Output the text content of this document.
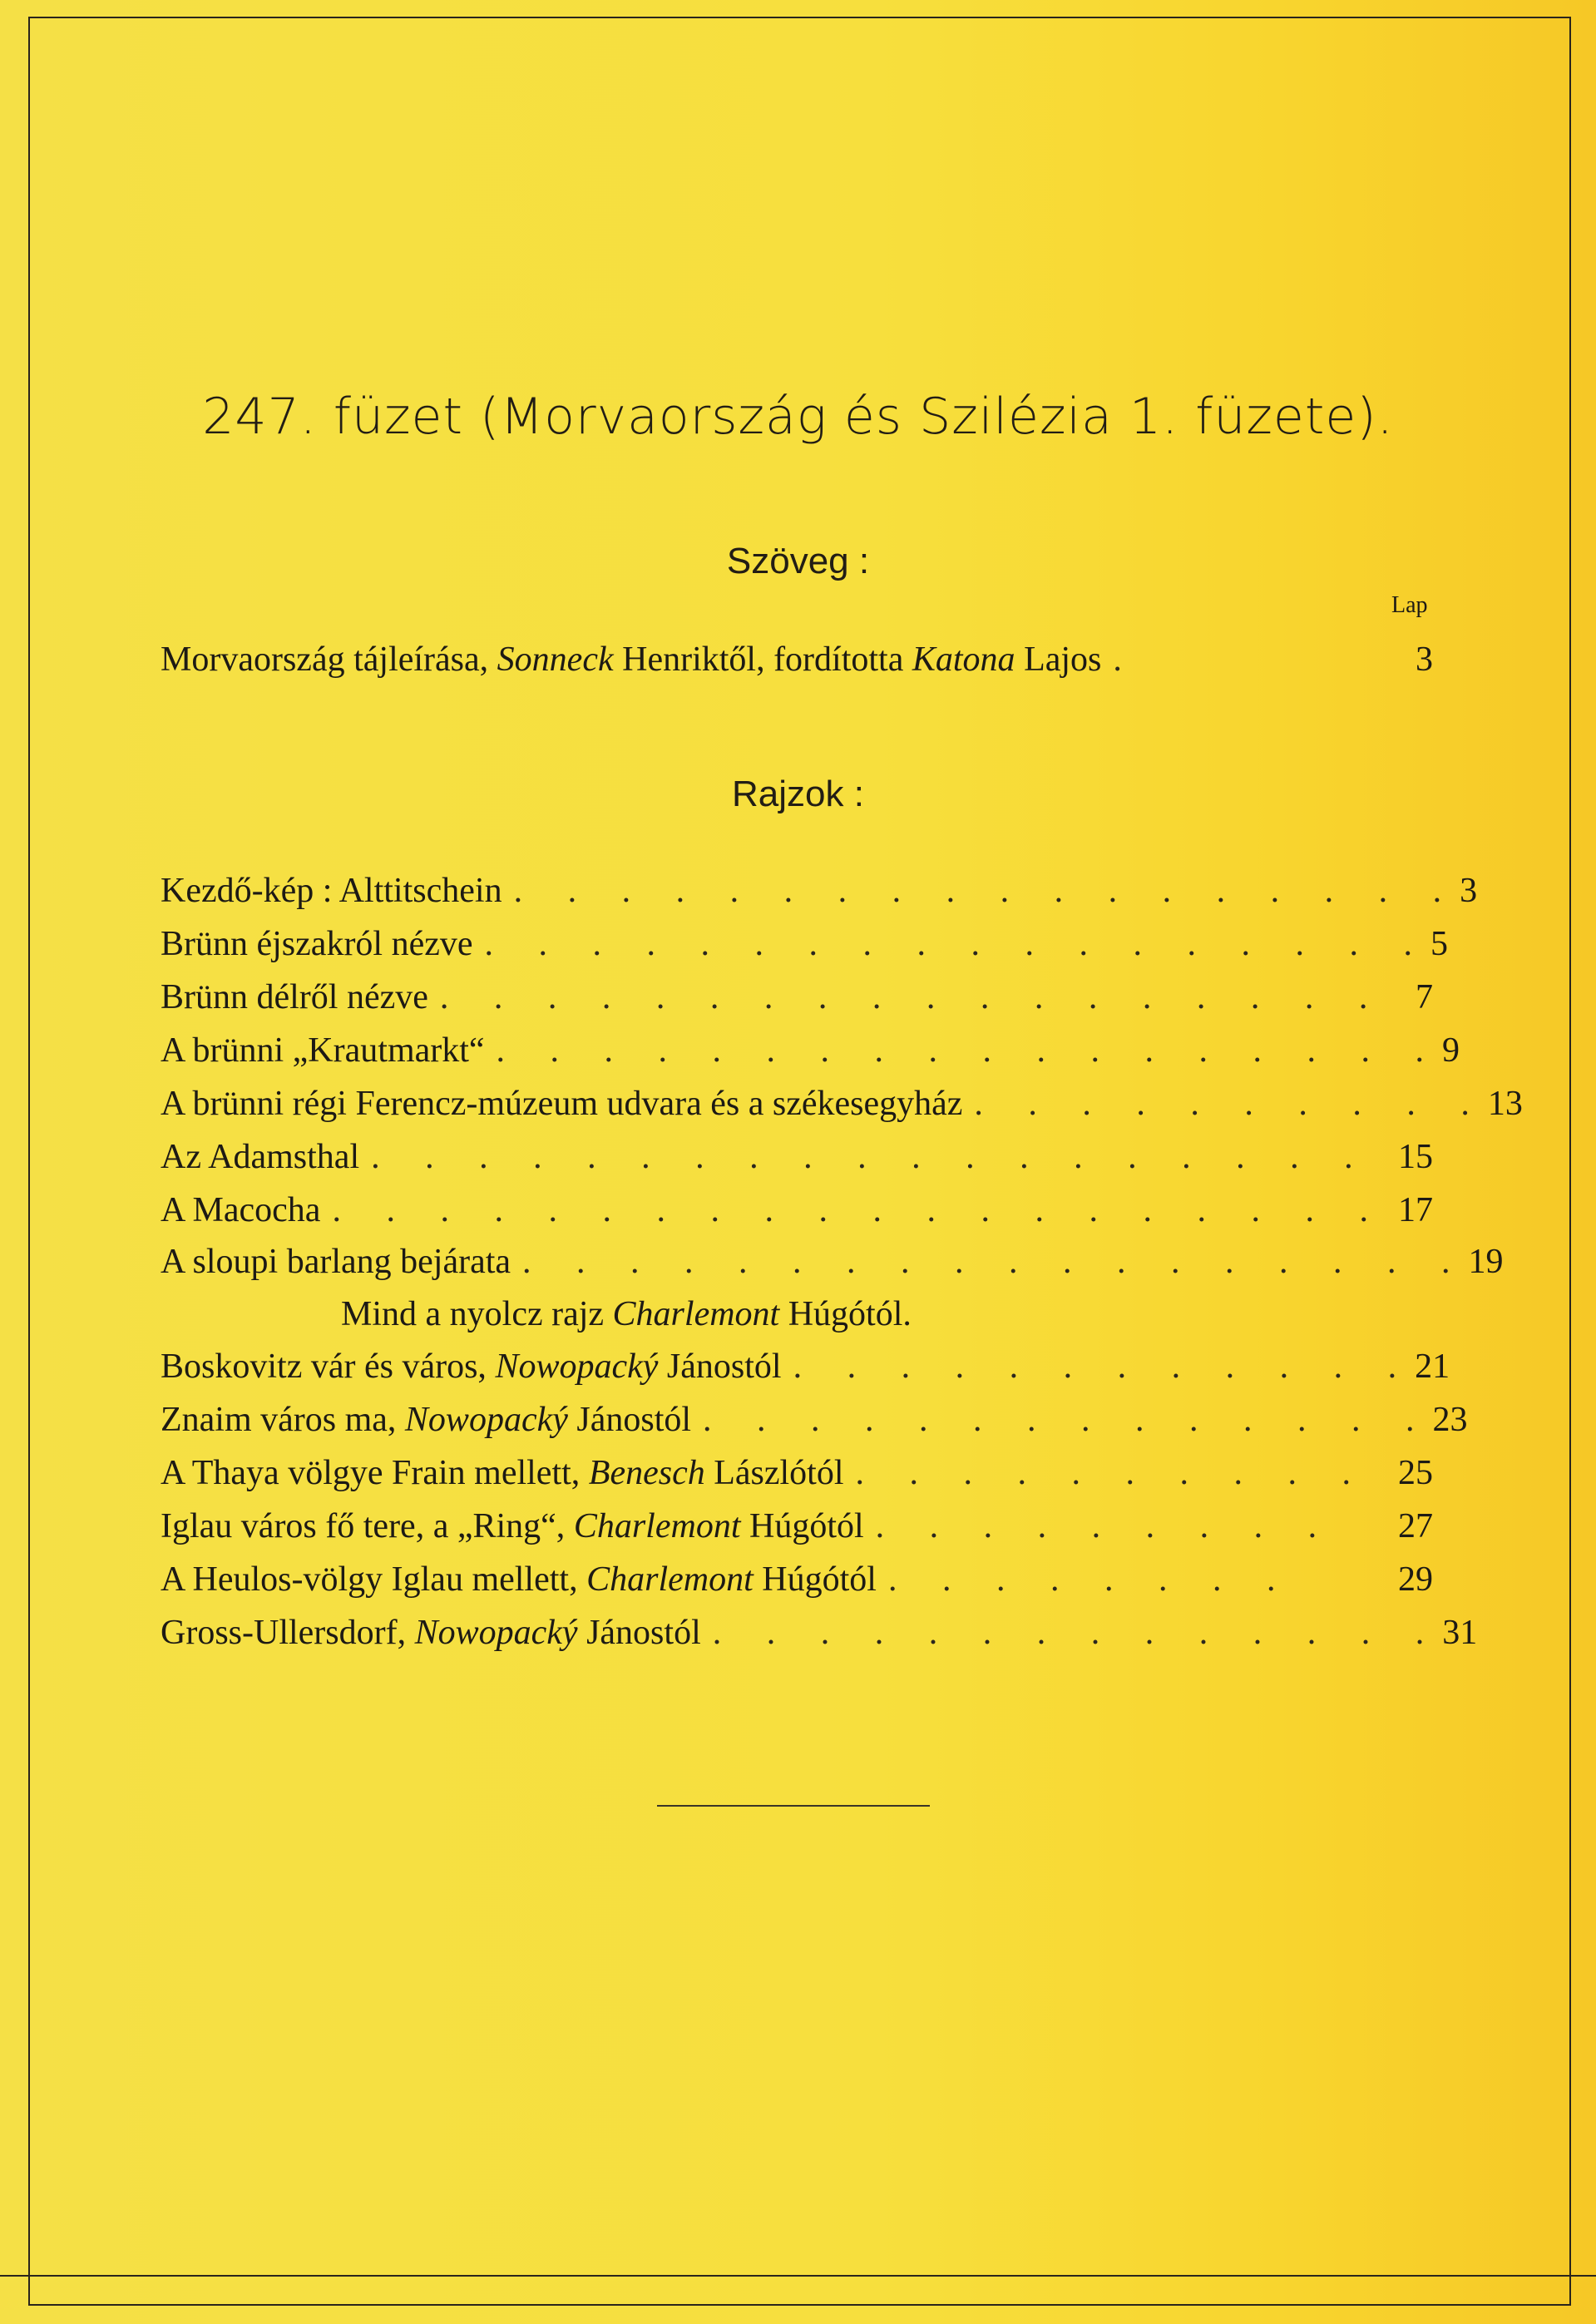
247. füzet (Morvaország és Szilézia 1. füzete).
Szöveg :
Lap
Morvaország tájleírása, Sonneck Henriktől, fordította Katona Lajos .	3
Rajzok :
Kezdő-kép : Alttitschein . . . . . . . . . . . . . . . . . . 3
Brünn éjszakról nézve . . . . . . . . . . . . . . . . . . 5
Brünn délről nézve . . . . . . . . . . . . . . . . . . 7
A brünni „Krautmarkt“ . . . . . . . . . . . . . . . . . . 9
A brünni régi Ferencz-múzeum udvara és a székesegyház . . . . . . . . . . 13
Az Adamsthal . . . . . . . . . . . . . . . . . . . 15
A Macocha . . . . . . . . . . . . . . . . . . . . 17
A sloupi barlang bejárata . . . . . . . . . . . . . . . . . . 19
Mind a nyolcz rajz Charlemont Húgótól.
Boskovitz vár és város, Nowopacký Jánostól . . . . . . . . . . . . 21
Znaim város ma, Nowopacký Jánostól . . . . . . . . . . . . . . 23
A Thaya völgye Frain mellett, Benesch Lászlótól . . . . . . . . . . 25
Iglau város fő tere, a „Ring“, Charlemont Húgótól . . . . . . . . .	27
A Heulos-völgy Iglau mellett, Charlemont Húgótól . . . . . . . .	29
Gross-Ullersdorf, Nowopacký Jánostól . . . . . . . . . . . . . . 31
